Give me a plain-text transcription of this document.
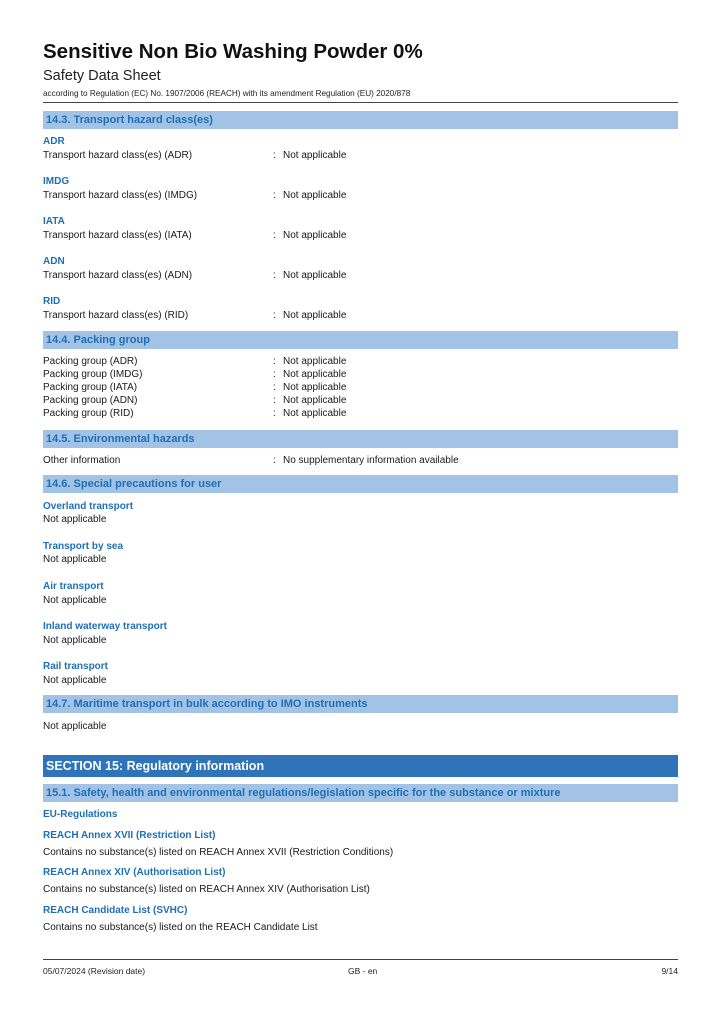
Sensitive Non Bio Washing Powder 0%
Safety Data Sheet
according to Regulation (EC) No. 1907/2006 (REACH) with its amendment Regulation (EU) 2020/878
14.3. Transport hazard class(es)
ADR
Transport hazard class(es) (ADR)	: Not applicable
IMDG
Transport hazard class(es) (IMDG)	: Not applicable
IATA
Transport hazard class(es) (IATA)	: Not applicable
ADN
Transport hazard class(es) (ADN)	: Not applicable
RID
Transport hazard class(es) (RID)	: Not applicable
14.4. Packing group
Packing group (ADR)	: Not applicable
Packing group (IMDG)	: Not applicable
Packing group (IATA)	: Not applicable
Packing group (ADN)	: Not applicable
Packing group (RID)	: Not applicable
14.5. Environmental hazards
Other information	: No supplementary information available
14.6. Special precautions for user
Overland transport
Not applicable
Transport by sea
Not applicable
Air transport
Not applicable
Inland waterway transport
Not applicable
Rail transport
Not applicable
14.7. Maritime transport in bulk according to IMO instruments
Not applicable
SECTION 15: Regulatory information
15.1. Safety, health and environmental regulations/legislation specific for the substance or mixture
EU-Regulations
REACH Annex XVII (Restriction List)
Contains no substance(s) listed on REACH Annex XVII (Restriction Conditions)
REACH Annex XIV (Authorisation List)
Contains no substance(s) listed on REACH Annex XIV (Authorisation List)
REACH Candidate List (SVHC)
Contains no substance(s) listed on the REACH Candidate List
05/07/2024 (Revision date)	GB - en	9/14
